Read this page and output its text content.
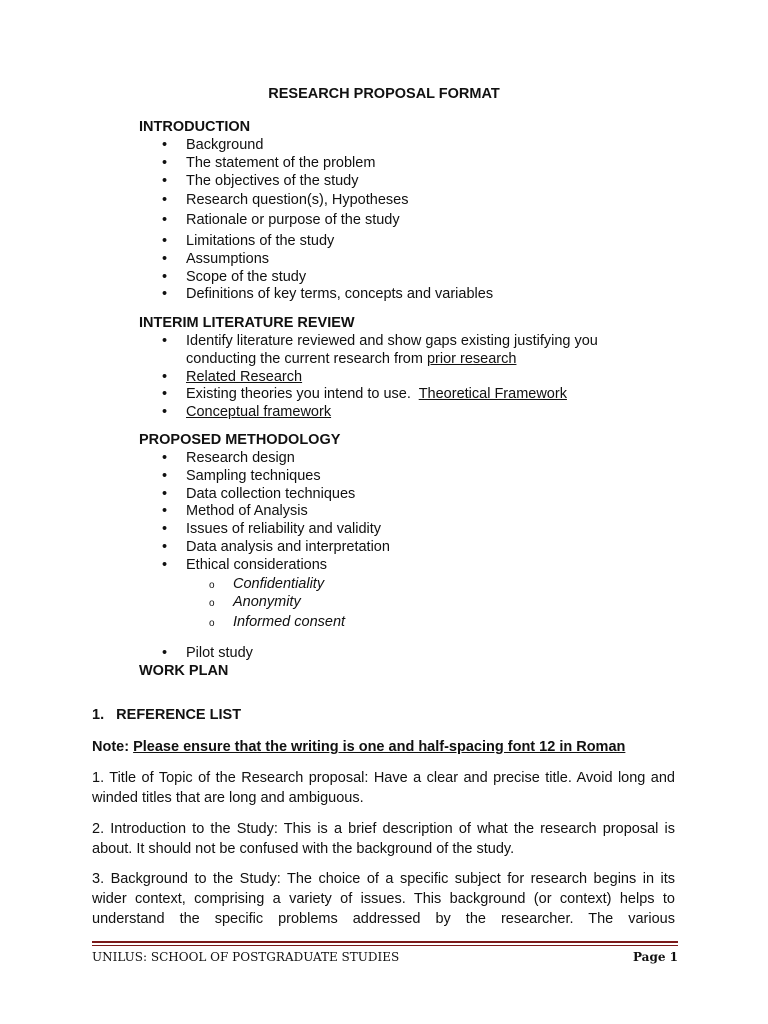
RESEARCH PROPOSAL FORMAT
INTRODUCTION
• Background
• The statement of the problem
• The objectives of the study
• Research question(s), Hypotheses
• Rationale or purpose of the study
• Limitations of the study
• Assumptions
• Scope of the study
• Definitions of key terms, concepts and variables
INTERIM LITERATURE REVIEW
• Identify literature reviewed and show gaps existing justifying you
conducting the current research from prior research
• Related Research
• Existing theories you intend to use.  Theoretical Framework
• Conceptual framework
PROPOSED METHODOLOGY
• Research design
• Sampling techniques
• Data collection techniques
• Method of Analysis
• Issues of reliability and validity
• Data analysis and interpretation
• Ethical considerations
o Confidentiality
o Anonymity
o Informed consent
• Pilot study
WORK PLAN
1.   REFERENCE LIST
Note: Please ensure that the writing is one and half-spacing font 12 in Roman
1. Title of Topic of the Research proposal: Have a clear and precise title. Avoid long and winded titles that are long and ambiguous.
2. Introduction to the Study: This is a brief description of what the research proposal is about. It should not be confused with the background of the study.
3. Background to the Study: The choice of a specific subject for research begins in its wider context, comprising a variety of issues. This background (or context) helps to understand the specific problems addressed by the researcher. The various
UNILUS: SCHOOL OF POSTGRADUATE STUDIES	Page 1
